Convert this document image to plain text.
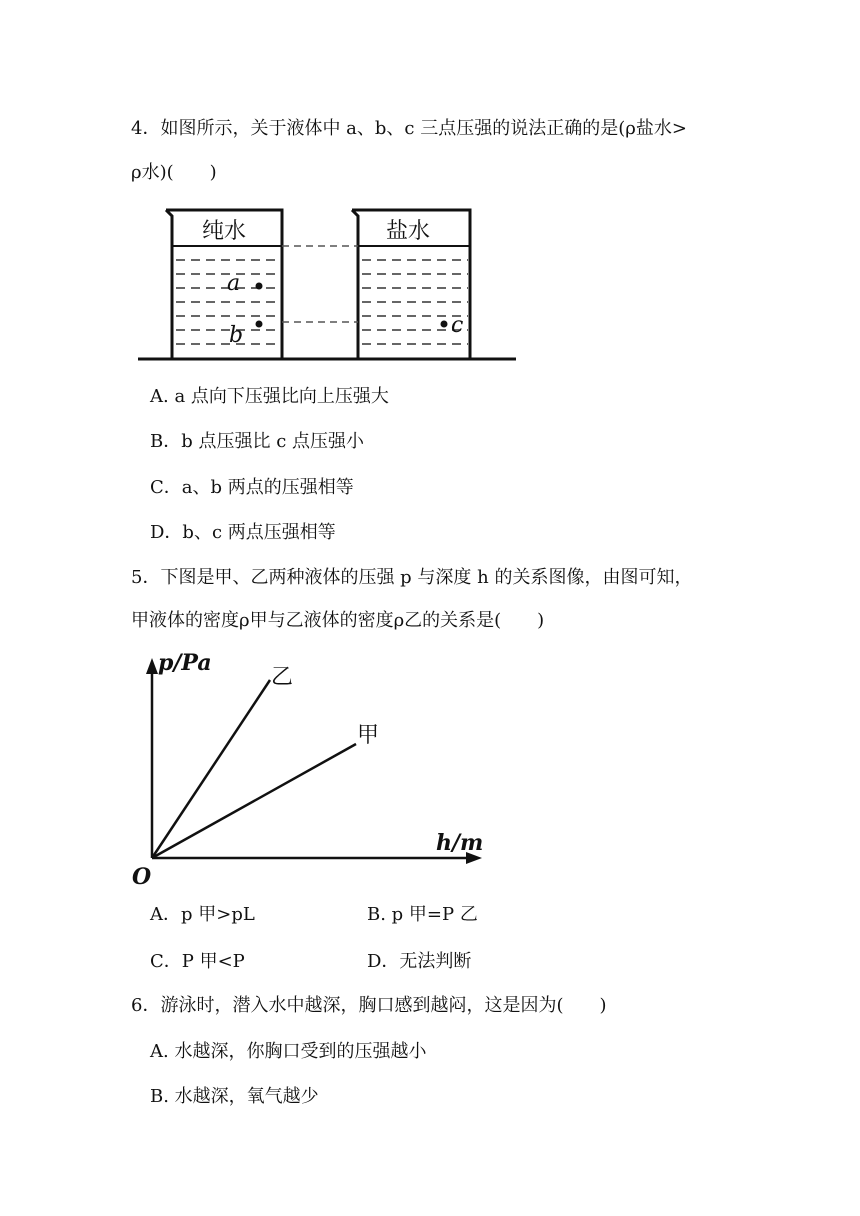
4．如图所示，关于液体中 a、b、c 三点压强的说法正确的是(ρ盐水>
ρ水)(　　)
纯水	盐水
a
b	c
A. a 点向下压强比向上压强大
B．b 点压强比 c 点压强小
C．a、b 两点的压强相等
D．b、c 两点压强相等
5．下图是甲、乙两种液体的压强 p 与深度 h 的关系图像，由图可知，
甲液体的密度ρ甲与乙液体的密度ρ乙的关系是(　　)
p/Pa
h/m
O
乙
甲
A．p 甲>pL	B. p 甲=P 乙
C．P 甲<P	D．无法判断
6．游泳时，潜入水中越深，胸口感到越闷，这是因为(　　)
A. 水越深，你胸口受到的压强越小
B. 水越深，氧气越少
